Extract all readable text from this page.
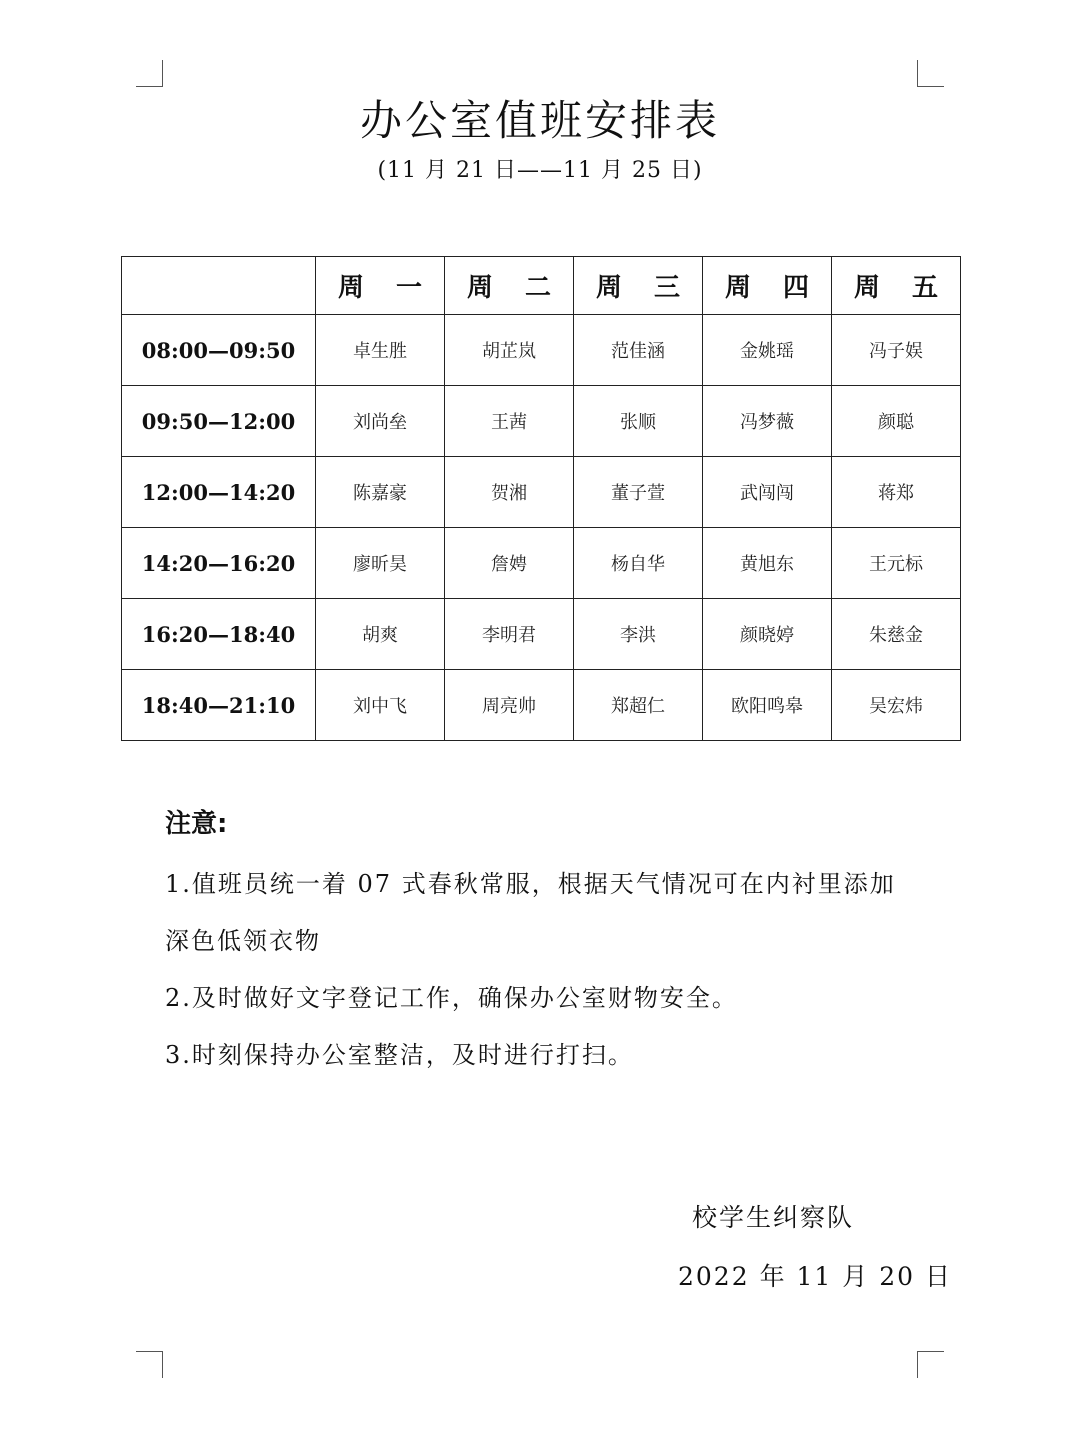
办公室值班安排表
(11 月 21 日——11 月 25 日)

	周 一	周 二	周 三	周 四	周 五

08:00—09:50	卓生胜	胡芷岚	范佳涵	金姚瑶	冯子娱
09:50—12:00	刘尚垒	王茜	张顺	冯梦薇	颜聪
12:00—14:20	陈嘉豪	贺湘	董子萱	武闯闯	蒋郑
14:20—16:20	廖昕昊	詹娉	杨自华	黄旭东	王元标
16:20—18:40	胡爽	李明君	李洪	颜晓婷	朱慈金
18:40—21:10	刘中飞	周亮帅	郑超仁	欧阳鸣皋	吴宏炜
注意:
1.值班员统一着 07 式春秋常服，根据天气情况可在内衬里添加
深色低领衣物
2.及时做好文字登记工作，确保办公室财物安全。
3.时刻保持办公室整洁，及时进行打扫。
校学生纠察队
2022 年 11 月 20 日
